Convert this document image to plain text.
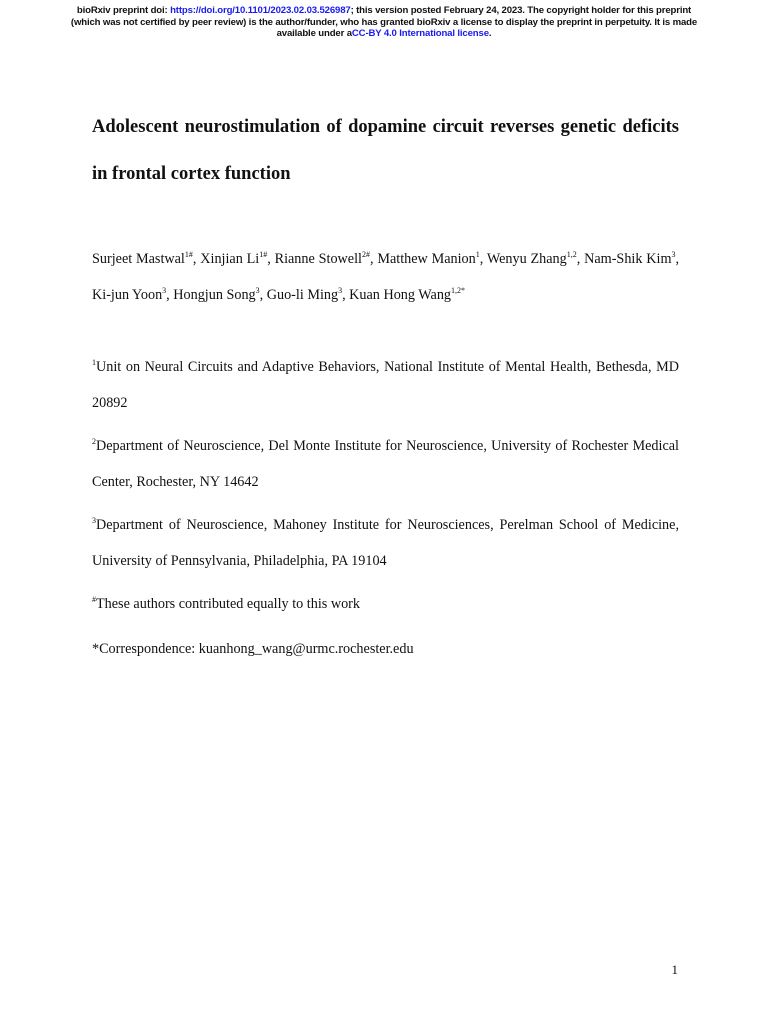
bioRxiv preprint doi: https://doi.org/10.1101/2023.02.03.526987; this version posted February 24, 2023. The copyright holder for this preprint
(which was not certified by peer review) is the author/funder, who has granted bioRxiv a license to display the preprint in perpetuity. It is made
available under aCC-BY 4.0 International license.
Adolescent neurostimulation of dopamine circuit reverses genetic deficits in frontal cortex function

Surjeet Mastwal$^{1\#}$, Xinjian $Li^{1\#}$, Rianne Stowell$^{2\#}$, Matthew Manion$^1$, Wenyu Zhang$^{1,2}$, Nam-Shik Kim$^3$, Ki-jun Yoon$^3$, Hongjun Song$^3$, Guo-li Ming$^3$, Kuan Hong Wang$^{1,2*}$

$^1$Unit on Neural Circuits and Adaptive Behaviors, National Institute of Mental Health, Bethesda, MD 20892

$^2$Department of Neuroscience, Del Monte Institute for Neuroscience, University of Rochester Medical Center, Rochester, NY 14642

$^3$Department of Neuroscience, Mahoney Institute for Neurosciences, Perelman School of Medicine, University of Pennsylvania, Philadelphia, PA 19104

#These authors contributed equally to this work

*Correspondence: kuanhong_wang@urmc.rochester.edu

1
